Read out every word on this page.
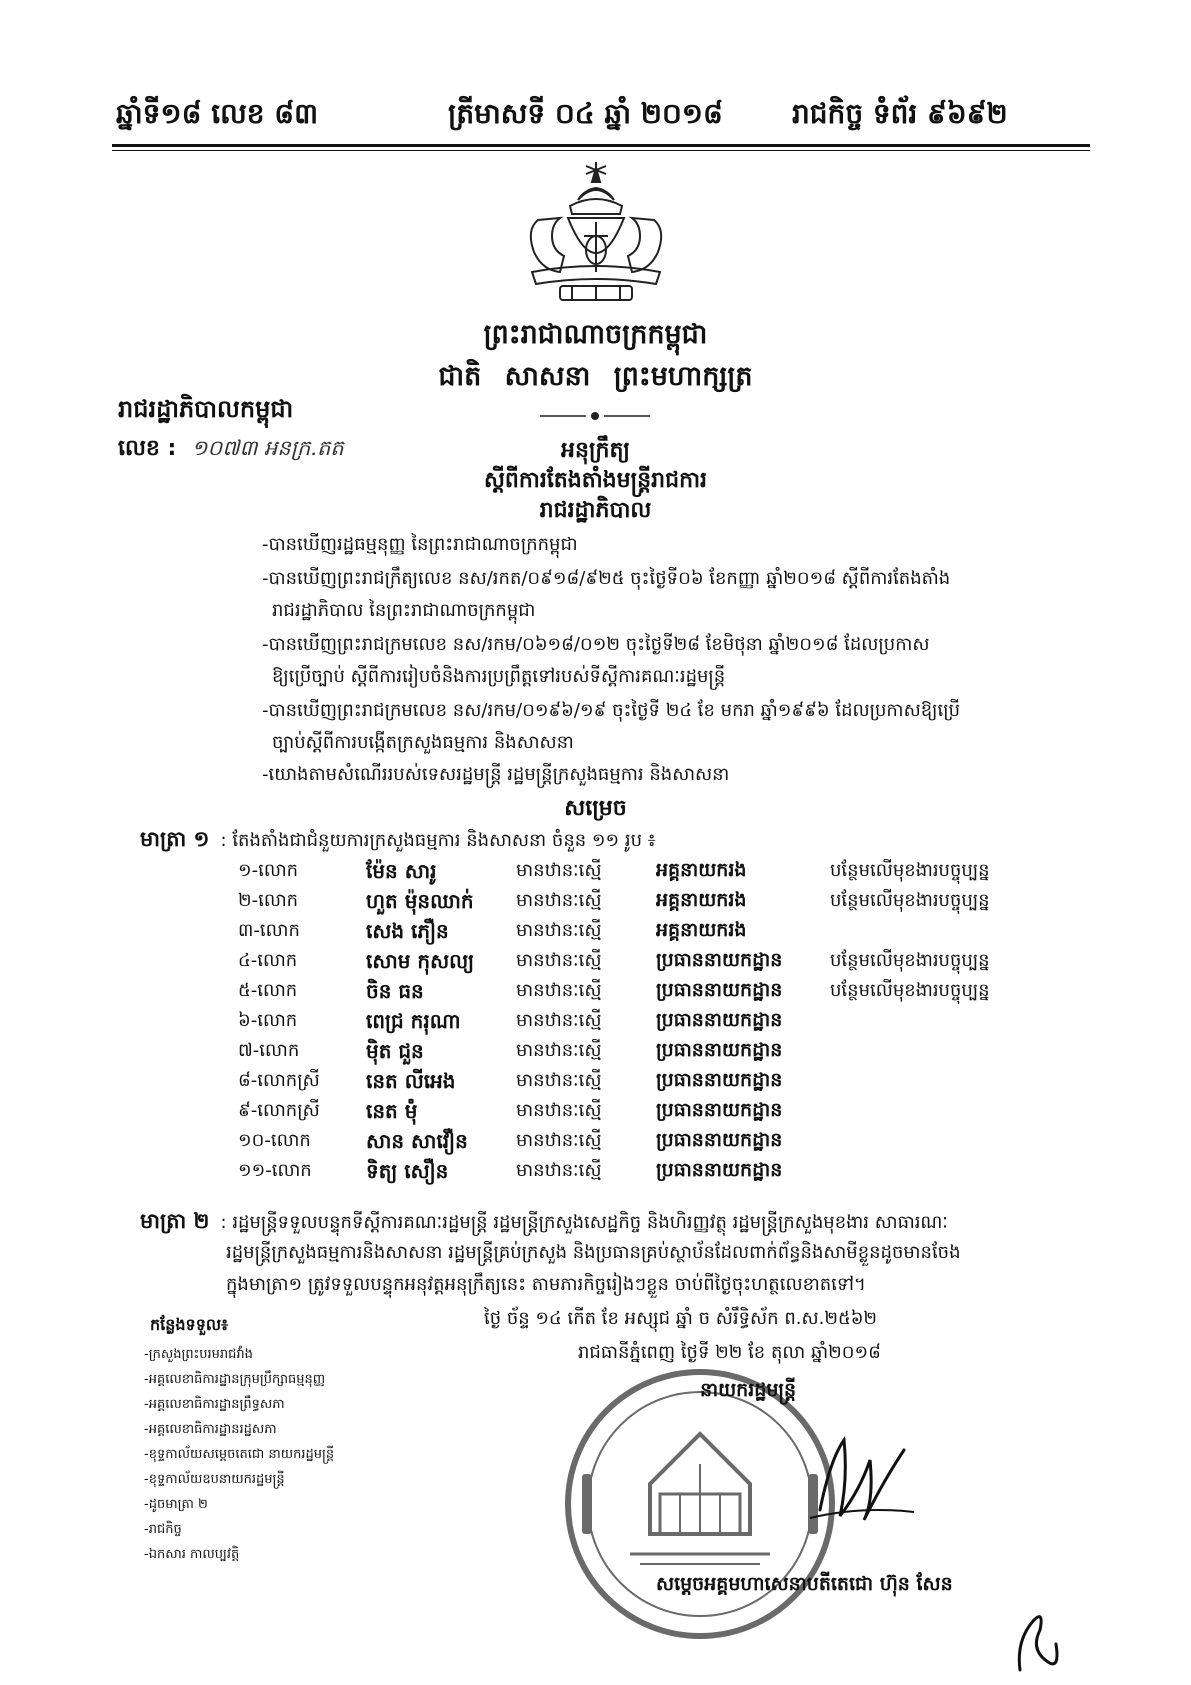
ឆ្នាំទី១៨ លេខ ៨៣	ត្រីមាសទី ០៤ ឆ្នាំ ២០១៨ រាជកិច្ច ទំព័រ ៩៦៩២
ព្រះរាជាណាចក្រកម្ពុជា
ជាតិ សាសនា ព្រះមហាក្សត្រ
រាជរដ្ឋាភិបាលកម្ពុជា
លេខ : ១០៧៣ អនក្រ.តត	អនុក្រឹត្យ
ស្តីពីការតែងតាំងមន្ត្រីរាជការ
រាជរដ្ឋាភិបាល
-បានឃើញរដ្ឋធម្មនុញ្ញ នៃព្រះរាជាណាចក្រកម្ពុជា
-បានឃើញព្រះរាជក្រឹត្យលេខ នស/រកត/០៩១៨/៩២៥ ចុះថ្ងៃទី០៦ ខែកញ្ញា ឆ្នាំ២០១៨ ស្តីពីការតែងតាំង
រាជរដ្ឋាភិបាល នៃព្រះរាជាណាចក្រកម្ពុជា
-បានឃើញព្រះរាជក្រមលេខ នស/រកម/០៦១៨/០១២ ចុះថ្ងៃទី២៨ ខែមិថុនា ឆ្នាំ២០១៨ ដែលប្រកាស
ឱ្យប្រើច្បាប់ ស្តីពីការរៀបចំនិងការប្រព្រឹត្តទៅរបស់ទីស្តីការគណៈរដ្ឋមន្ត្រី
-បានឃើញព្រះរាជក្រមលេខ នស/រកម/០១៩៦/១៩ ចុះថ្ងៃទី ២៤ ខែ មករា ឆ្នាំ១៩៩៦ ដែលប្រកាសឱ្យប្រើ
ច្បាប់ស្តីពីការបង្កើតក្រសួងធម្មការ និងសាសនា
-យោងតាមសំណើររបស់ទេសរដ្ឋមន្ត្រី រដ្ឋមន្ត្រីក្រសួងធម្មការ និងសាសនា
សម្រេច
មាត្រា ១ : តែងតាំងជាជំនួយការក្រសួងធម្មការ និងសាសនា ចំនួន ១១ រូប ៖
១-លោក	ម៉ែន សារូ	មានឋានៈស្មើ	អគ្គនាយករង	បន្ថែមលើមុខងារបច្ចុប្បន្ន
២-លោក	ហួត ម៉ុនឈាក់ មានឋានៈស្មើ	អគ្គនាយករង	បន្ថែមលើមុខងារបច្ចុប្បន្ន
៣-លោក	សេង ភឿន	មានឋានៈស្មើ	អគ្គនាយករង
៤-លោក	សោម កុសល្យ មានឋានៈស្មើ	ប្រធាននាយកដ្ឋាន	បន្ថែមលើមុខងារបច្ចុប្បន្ន
៥-លោក	ចិន ធន	មានឋានៈស្មើ	ប្រធាននាយកដ្ឋាន	បន្ថែមលើមុខងារបច្ចុប្បន្ន
៦-លោក	ពេជ្រ ករុណា	មានឋានៈស្មើ	ប្រធាននាយកដ្ឋាន
៧-លោក	ម៉ិត ជួន	មានឋានៈស្មើ	ប្រធាននាយកដ្ឋាន
៨-លោកស្រី នេត លីអេង	មានឋានៈស្មើ	ប្រធាននាយកដ្ឋាន
៩-លោកស្រី នេត ម៉ុំ	មានឋានៈស្មើ	ប្រធាននាយកដ្ឋាន
១០-លោក	សាន សាវឿន	មានឋានៈស្មើ	ប្រធាននាយកដ្ឋាន
១១-លោក	ទិត្យ សឿន	មានឋានៈស្មើ	ប្រធាននាយកដ្ឋាន
មាត្រា ២ : រដ្ឋមន្ត្រីទទួលបន្ទុកទីស្តីការគណៈរដ្ឋមន្ត្រី រដ្ឋមន្ត្រីក្រសួងសេដ្ឋកិច្ច និងហិរញ្ញវត្ថុ រដ្ឋមន្ត្រីក្រសួងមុខងារ សាធារណៈ
រដ្ឋមន្ត្រីក្រសួងធម្មការនិងសាសនា រដ្ឋមន្ត្រីគ្រប់ក្រសួង និងប្រធានគ្រប់ស្ថាប័នដែលពាក់ព័ន្ធនិងសាមីខ្លួនដូចមានចែង
ក្នុងមាត្រា១ ត្រូវទទួលបន្ទុកអនុវត្តអនុក្រឹត្យនេះ តាមភារកិច្ចរៀងៗខ្លួន ចាប់ពីថ្ងៃចុះហត្ថលេខាតទៅ។
ថ្ងៃ ច័ន្ទ ១៤ កើត ខែ អស្សុជ ឆ្នាំ ច សំរឹទ្ធិស័ក ព.ស.២៥៦២
រាជធានីភ្នំពេញ ថ្ងៃទី ២២ ខែ តុលា ឆ្នាំ២០១៨
កន្លែងទទួល៖
-ក្រសួងព្រះបរមរាជវាំង
-អគ្គលេខាធិការដ្ឋានក្រុមប្រឹក្សាធម្មនុញ្ញ
-អគ្គលេខាធិការដ្ឋានព្រឹទ្ធសភា
-អគ្គលេខាធិការដ្ឋានរដ្ឋសភា
-ខុទ្ទកាល័យសម្តេចតេជោ នាយករដ្ឋមន្ត្រី
-ខុទ្ទកាល័យឧបនាយករដ្ឋមន្ត្រី
-ដូចមាត្រា ២
-រាជកិច្ច
-ឯកសារ កាលប្បវត្តិ
នាយករដ្ឋមន្ត្រី
សម្តេចអគ្គមហាសេនាបតីតេជោ ហ៊ុន សែន
